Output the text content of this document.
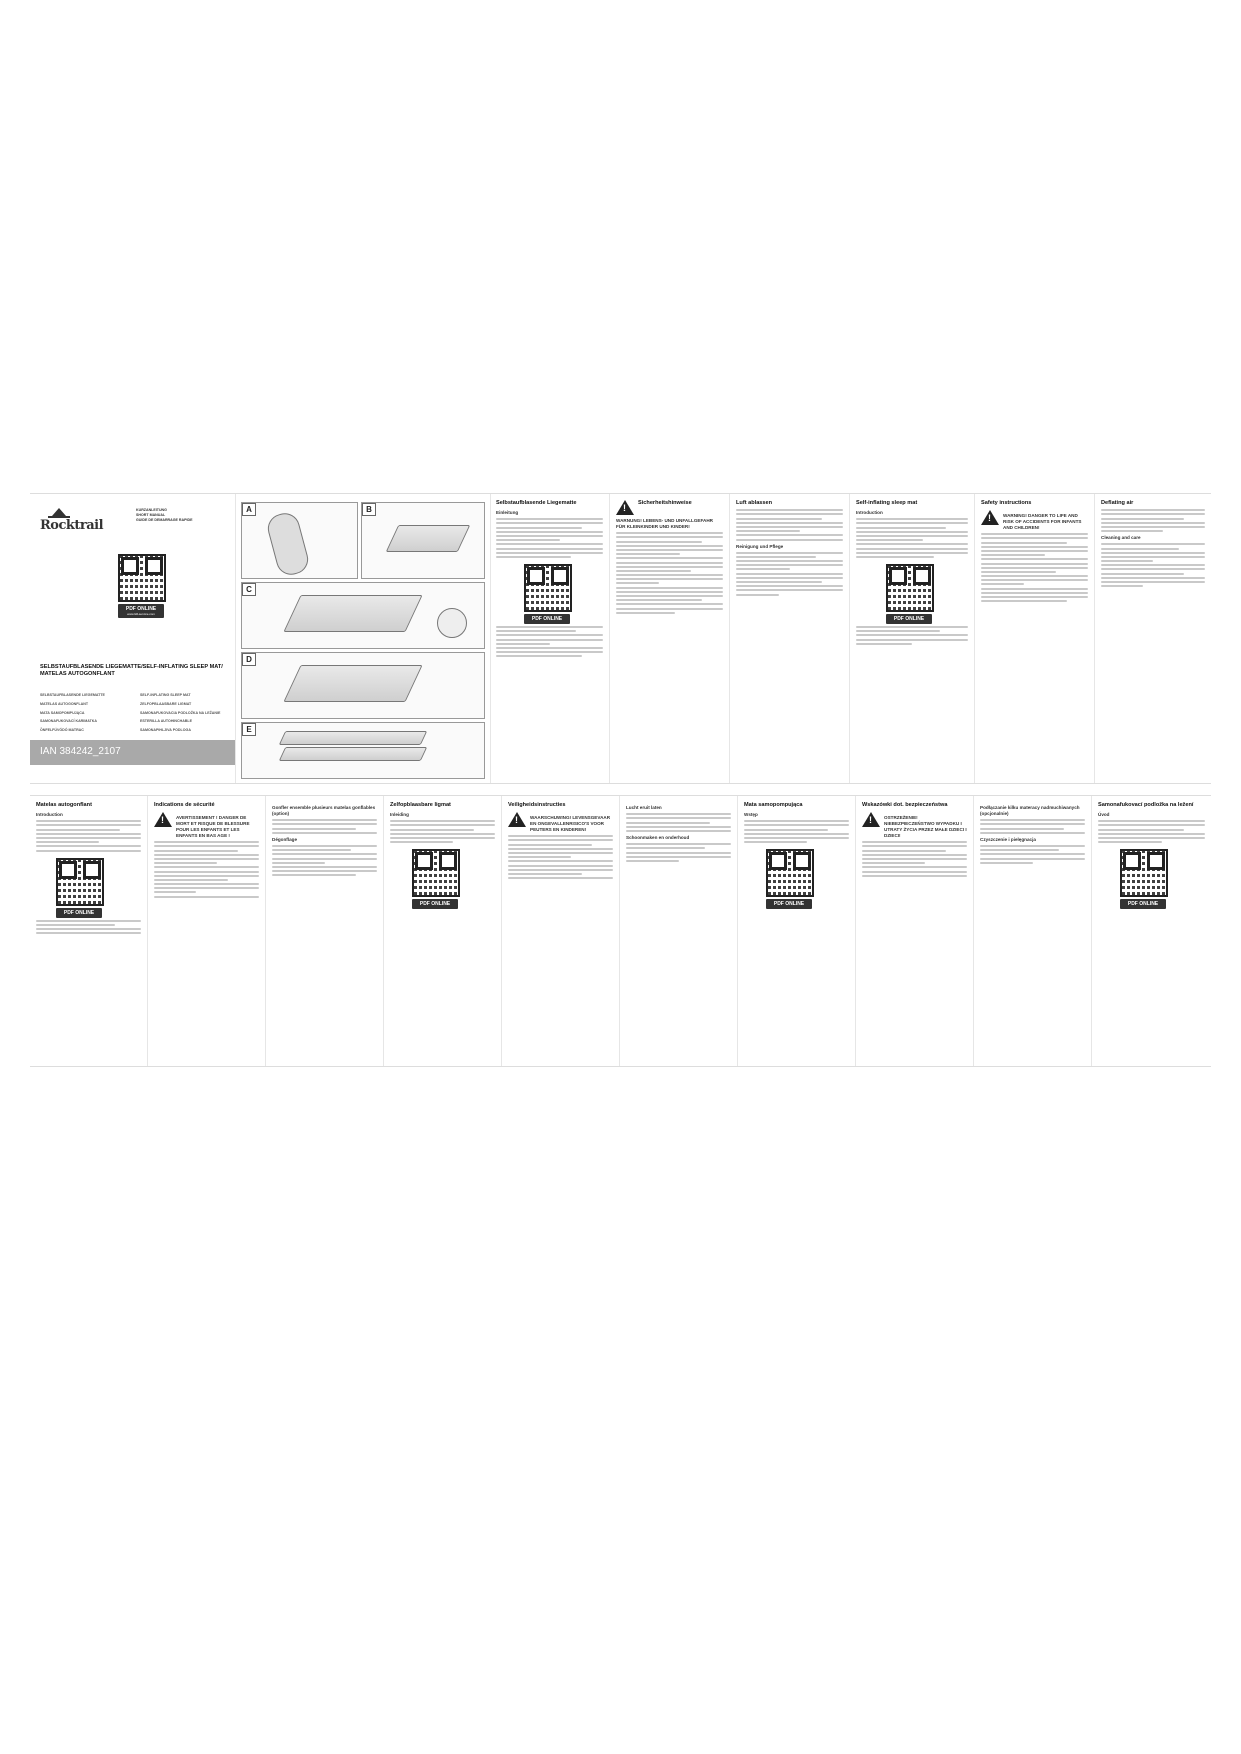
Rocktrail
KURZANLEITUNG
SHORT MANUAL
GUIDE DE DEMARRAGE RAPIDE
PDF ONLINE
www.lidl-service.com
SELBSTAUFBLASENDE LIEGEMATTE/SELF-INFLATING SLEEP MAT/ MATELAS AUTOGONFLANT
SELBSTAUFBLASENDE LIEGEMATTE
MATELAS AUTOGONFLANT
MATA SAMOPOMPUJĄCA
SAMONAFUKOVACÍ KARIMATKA
ÖNFELFÚVÓDÓ MATRAC
SELF-INFLATING SLEEP MAT
ZELFOPBLAASBARE LIGMAT
SAMONAFUKOVACIA PODLOŽKA NA LEŽANIE
ESTERILLA AUTOHINCHABLE
SAMONAPIHLJIVA PODLOGA
IAN 384242_2107
A	B
C
D
E
Selbstaufblasende Liegematte
Einleitung
PDF ONLINE
! Sicherheitshinweise
WARNUNG! LEBENS- UND UNFALLGEFAHR FÜR KLEINKINDER UND KINDER!
Luft ablassen
Reinigung und Pflege
Self-inflating sleep mat
Introduction
PDF ONLINE
Safety instructions
!	WARNING! DANGER TO LIFE AND RISK OF ACCIDENTS FOR INFANTS AND CHILDREN!
Deflating air
Cleaning and care
Matelas autogonflant
Introduction
PDF ONLINE
Indications de sécurité
!	AVERTISSEMENT ! DANGER DE MORT ET RISQUE DE BLESSURE POUR LES ENFANTS ET LES ENFANTS EN BAS AGE !
Gonfler ensemble plusieurs matelas gonflables (option)
Dégonflage
Zelfopblaasbare ligmat
Inleiding
PDF ONLINE
Veiligheidsinstructies
!	WAARSCHUWING! LEVENSGEVAAR EN ONGEVALLENRISICO'S VOOR PEUTERS EN KINDEREN!
Lucht eruit laten
Schoonmaken en onderhoud
Mata samopompująca
Wstęp
PDF ONLINE
Wskazówki dot. bezpieczeństwa
!	OSTRZEŻENIE! NIEBEZPIECZEŃSTWO WYPADKU I UTRATY ŻYCIA PRZEZ MAŁE DZIECI I DZIECI!
Podłączanie kilku materacy nadmuchiwanych (opcjonalnie)
Czyszczenie i pielęgnacja
Samonafukovací podložka na ležení
Úvod
PDF ONLINE
